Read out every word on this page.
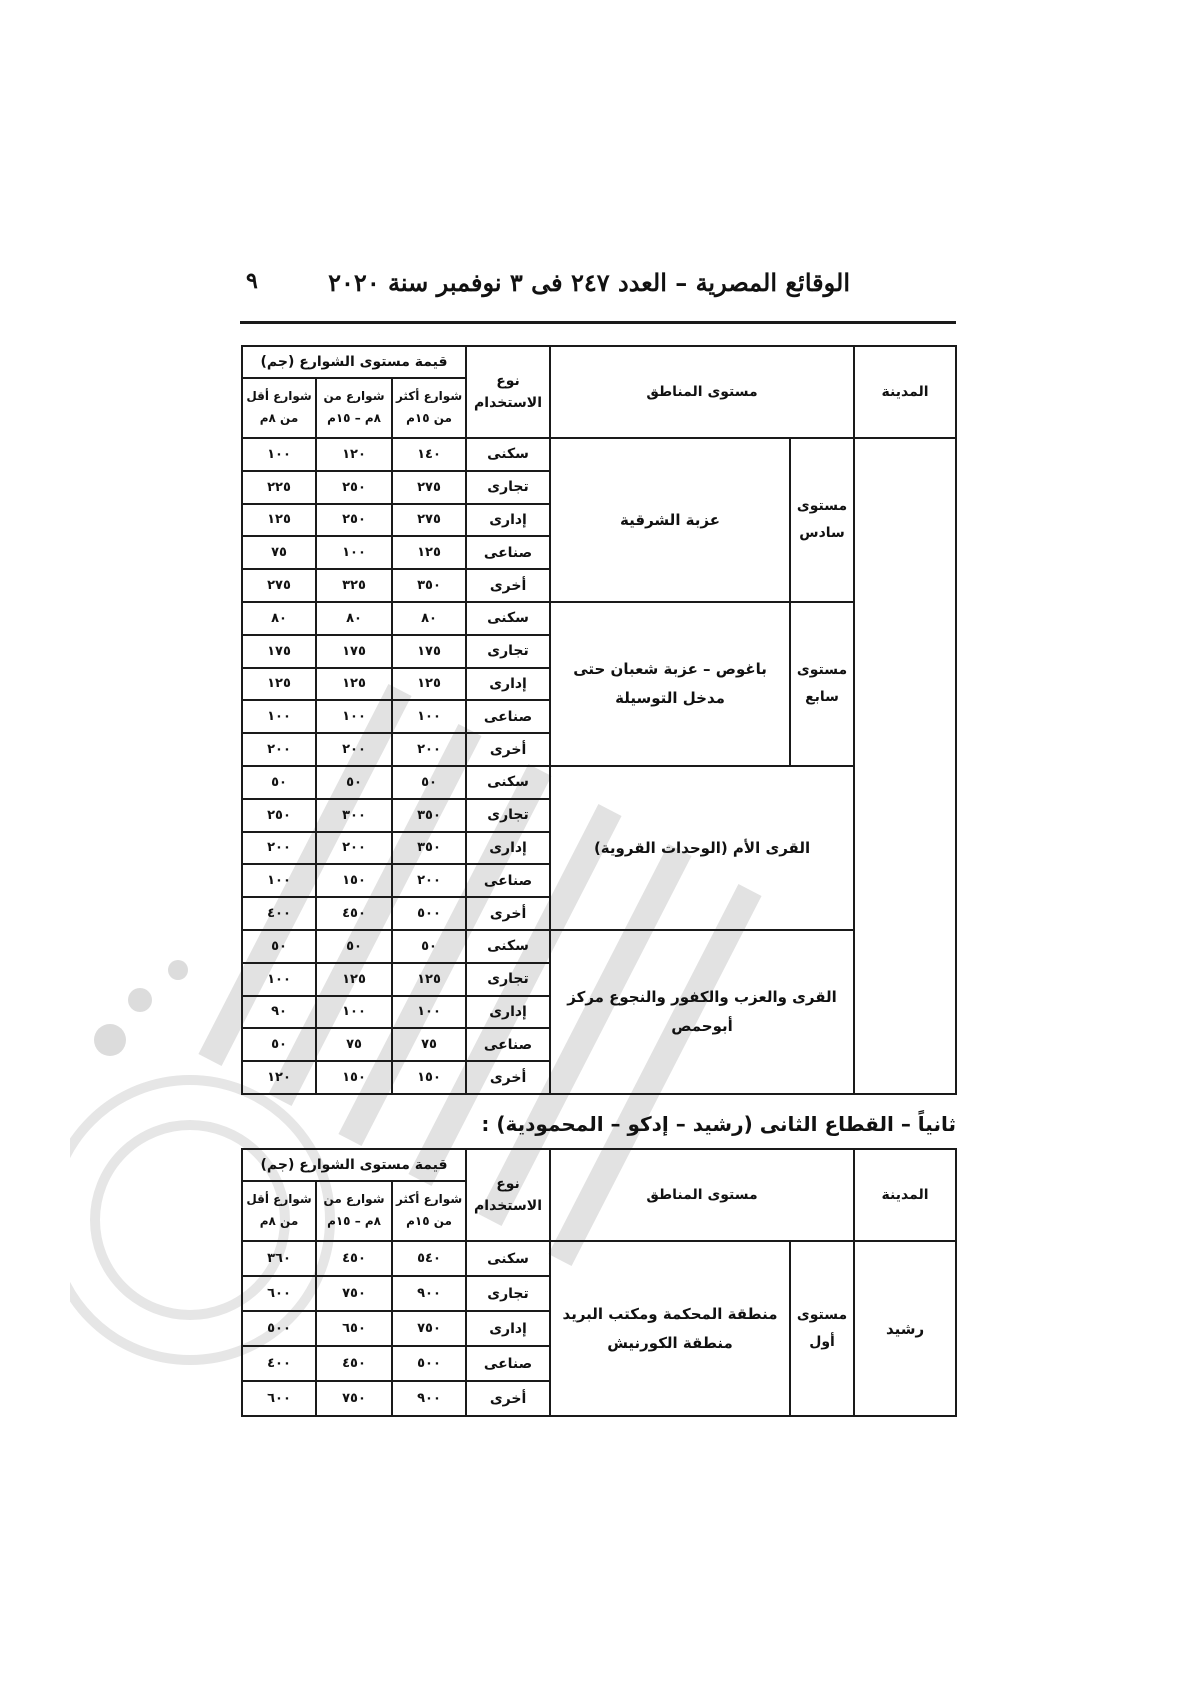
الوقائع المصرية – العدد ٢٤٧ فى ٣ نوفمبر سنة ٢٠٢٠
٩
المدينة	مستوى المناطق		نوع الاستخدام	قيمة مستوى الشوارع (جم)		
				شوارع أكثر من ١٥م	شوارع من ٨م – ١٥م	شوارع أقل من ٨م
	مستوى سادس	عزبة الشرقية	سكنى	١٤٠	١٢٠	١٠٠
			تجارى	٢٧٥	٢٥٠	٢٢٥
			إدارى	٢٧٥	٢٥٠	١٢٥
			صناعى	١٢٥	١٠٠	٧٥
			أخرى	٣٥٠	٣٢٥	٢٧٥
	مستوى سابع	باغوص – عزبة شعبان حتى مدخل التوسيلة	سكنى	٨٠	٨٠	٨٠
			تجارى	١٧٥	١٧٥	١٧٥
			إدارى	١٢٥	١٢٥	١٢٥
			صناعى	١٠٠	١٠٠	١٠٠
			أخرى	٢٠٠	٢٠٠	٢٠٠
	القرى الأم (الوحدات القروية)		سكنى	٥٠	٥٠	٥٠
			تجارى	٣٥٠	٣٠٠	٢٥٠
			إدارى	٣٥٠	٢٠٠	٢٠٠
			صناعى	٢٠٠	١٥٠	١٠٠
			أخرى	٥٠٠	٤٥٠	٤٠٠
	القرى والعزب والكفور والنجوع مركز أبوحمص		سكنى	٥٠	٥٠	٥٠
			تجارى	١٢٥	١٢٥	١٠٠
			إدارى	١٠٠	١٠٠	٩٠
			صناعى	٧٥	٧٥	٥٠
			أخرى	١٥٠	١٥٠	١٢٠
ثانياً – القطاع الثانى (رشيد – إدكو – المحمودية) :
المدينة	مستوى المناطق		نوع الاستخدام	قيمة مستوى الشوارع (جم)		
				شوارع أكثر من ١٥م	شوارع من ٨م – ١٥م	شوارع أقل من ٨م
رشيد	مستوى أول	منطقة المحكمة ومكتب البريد منطقة الكورنيش	سكنى	٥٤٠	٤٥٠	٣٦٠
			تجارى	٩٠٠	٧٥٠	٦٠٠
			إدارى	٧٥٠	٦٥٠	٥٠٠
			صناعى	٥٠٠	٤٥٠	٤٠٠
			أخرى	٩٠٠	٧٥٠	٦٠٠
